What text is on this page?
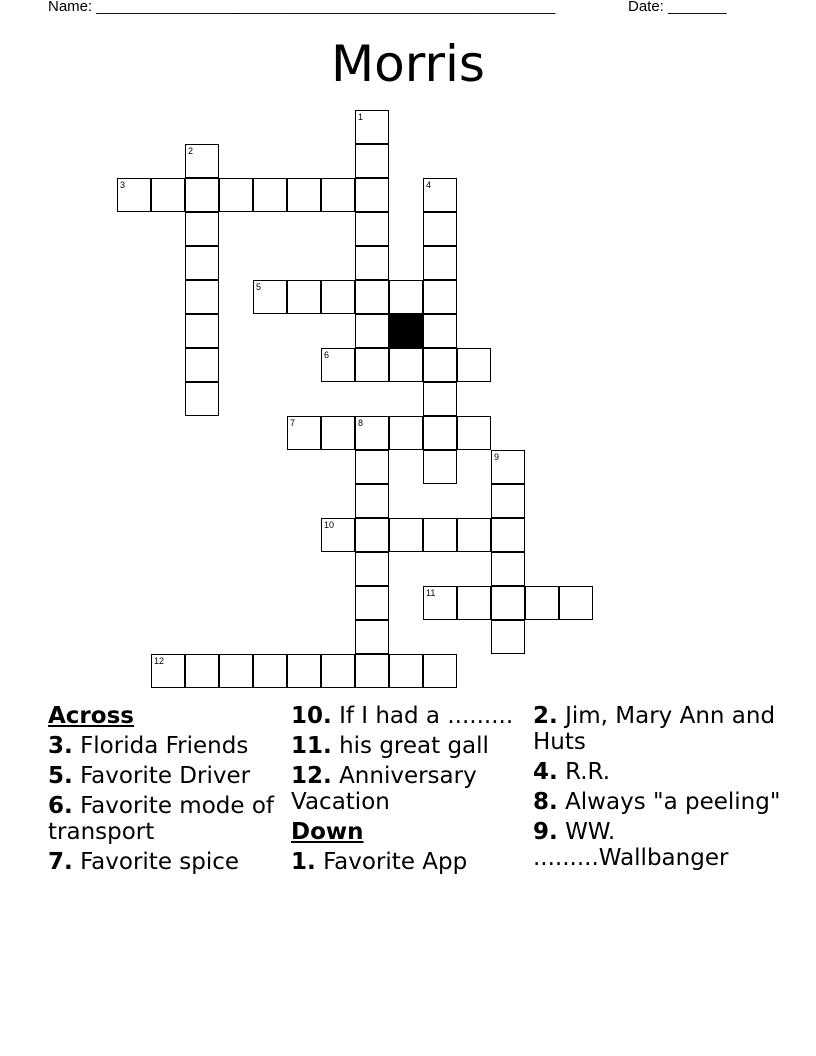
Name: _______________________________________________________	Date: _______
Morris
1
2
3	4
5
6
7	8
9
10
11
12
Across
3. Florida Friends
5. Favorite Driver
6. Favorite mode of transport
7. Favorite spice
10. If I had a .........
11. his great gall
12. Anniversary Vacation
Down
1. Favorite App
2. Jim, Mary Ann and Huts
4. R.R.
8. Always "a peeling"
9. WW. .........Wallbanger
